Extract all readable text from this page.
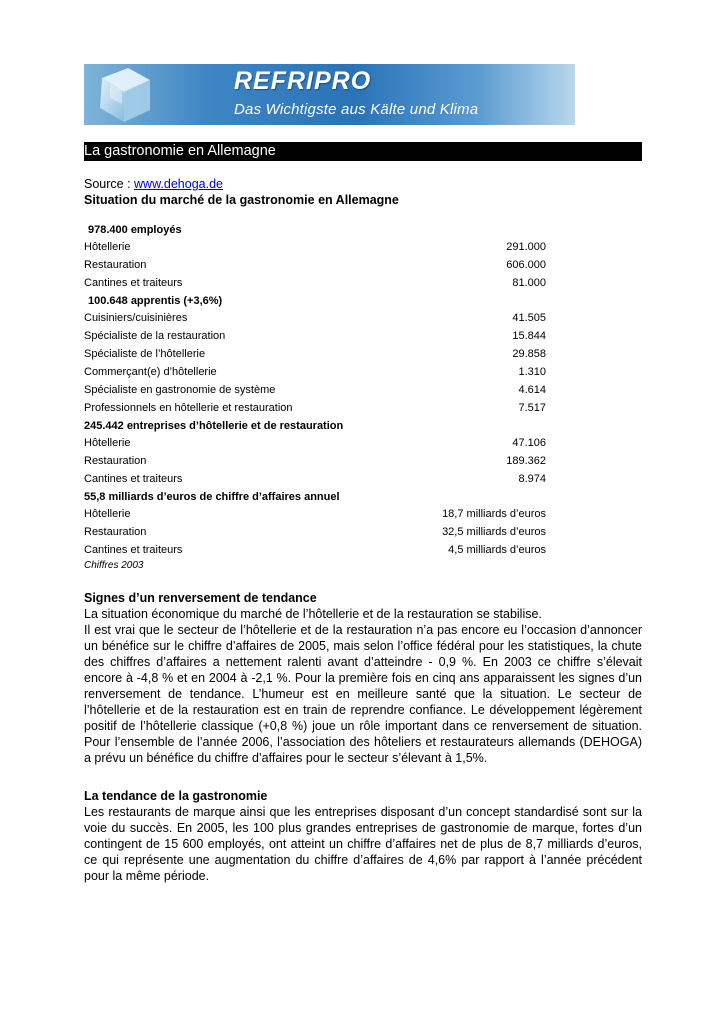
REFRIPRO
Das Wichtigste aus Kälte und Klima
La gastronomie en Allemagne
Source : www.dehoga.de
Situation du marché de la gastronomie en Allemagne
978.400 employés	
Hôtellerie	291.000
Restauration	606.000
Cantines et traiteurs	81.000
100.648 apprentis (+3,6%)	
Cuisiniers/cuisinières	41.505
Spécialiste de la restauration	15.844
Spécialiste de l’hôtellerie	29.858
Commerçant(e) d’hôtellerie	1.310
Spécialiste en gastronomie de système	4.614
Professionnels en hôtellerie et restauration	7.517
245.442 entreprises d’hôtellerie et de restauration	
Hôtellerie	47.106
Restauration	189.362
Cantines et traiteurs	8.974
55,8 milliards d’euros de chiffre d’affaires annuel	
Hôtellerie	18,7 milliards d’euros
Restauration	32,5 milliards d’euros
Cantines et traiteurs	4,5 milliards d’euros
Chiffres 2003
Signes d’un renversement de tendance

La situation économique du marché de l’hôtellerie et de la restauration se stabilise.

Il est vrai que le secteur de l’hôtellerie et de la restauration n’a pas encore eu l’occasion d’annoncer un bénéfice sur le chiffre d’affaires de 2005, mais selon l’office fédéral pour les statistiques, la chute des chiffres d’affaires a nettement ralenti avant d’atteindre - 0,9 %. En 2003 ce chiffre s’élevait encore à -4,8 % et en 2004 à -2,1 %. Pour la première fois en cinq ans apparaissent les signes d’un renversement de tendance. L’humeur est en meilleure santé que la situation. Le secteur de l’hôtellerie et de la restauration est en train de reprendre confiance. Le développement légèrement positif de l’hôtellerie classique (+0,8 %) joue un rôle important dans ce renversement de situation. Pour l’ensemble de l’année 2006, l’association des hôteliers et restaurateurs allemands (DEHOGA) a prévu un bénéfice du chiffre d’affaires pour le secteur s’élevant à 1,5%.

La tendance de la gastronomie

Les restaurants de marque ainsi que les entreprises disposant d’un concept standardisé sont sur la voie du succès. En 2005, les 100 plus grandes entreprises de gastronomie de marque, fortes d’un contingent de 15 600 employés, ont atteint un chiffre d’affaires net de plus de 8,7 milliards d’euros, ce qui représente une augmentation du chiffre d’affaires de 4,6% par rapport à l’année précédent pour la même période.
